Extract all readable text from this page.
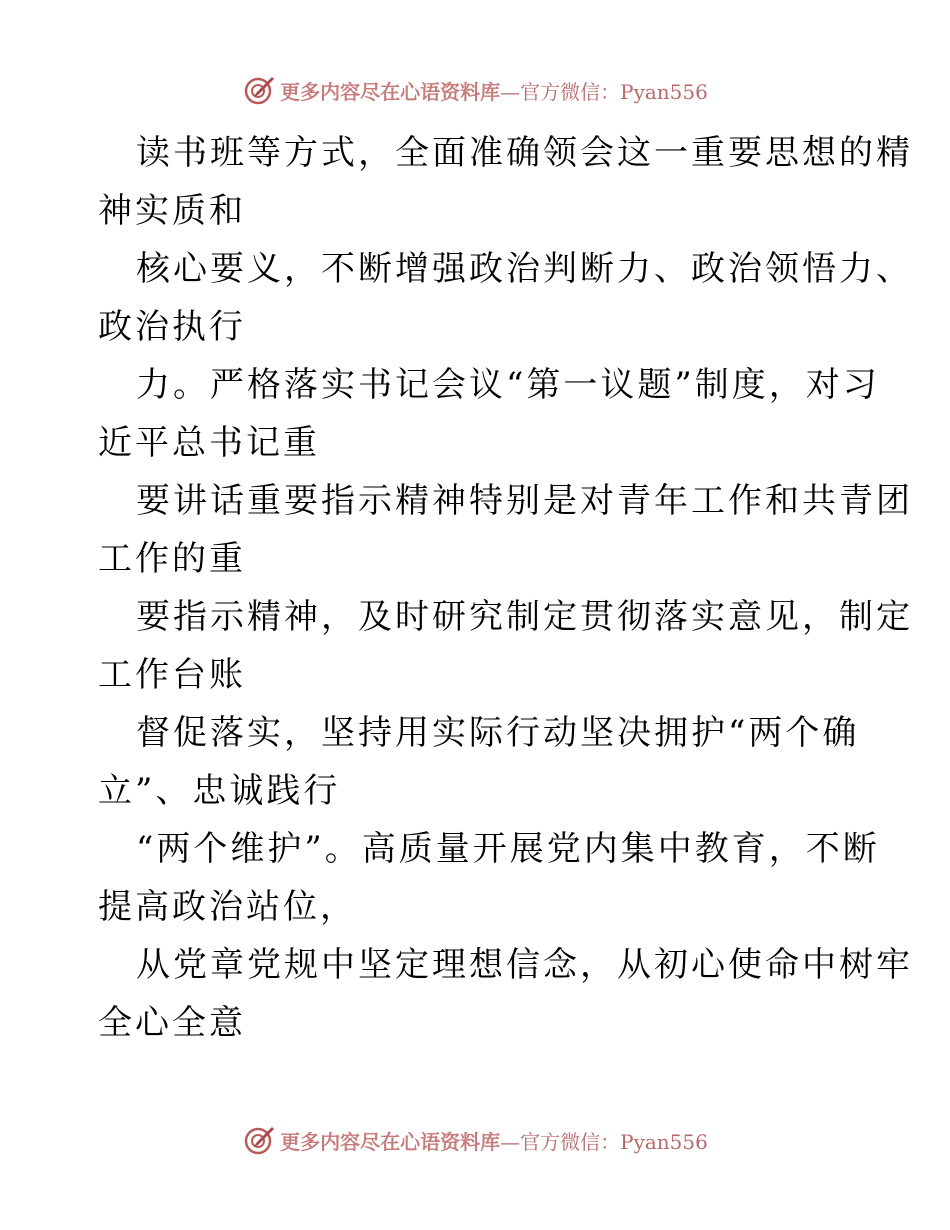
更多内容尽在心语资料库—官方微信：Pyan556
读书班等方式，全面准确领会这一重要思想的精
神实质和
核心要义，不断增强政治判断力、政治领悟力、
政治执行
力。严格落实书记会议“第一议题”制度，对习
近平总书记重
要讲话重要指示精神特别是对青年工作和共青团
工作的重
要指示精神，及时研究制定贯彻落实意见，制定
工作台账
督促落实，坚持用实际行动坚决拥护“两个确
立”、忠诚践行
“两个维护”。高质量开展党内集中教育，不断
提高政治站位，
从党章党规中坚定理想信念，从初心使命中树牢
全心全意
更多内容尽在心语资料库—官方微信：Pyan556
